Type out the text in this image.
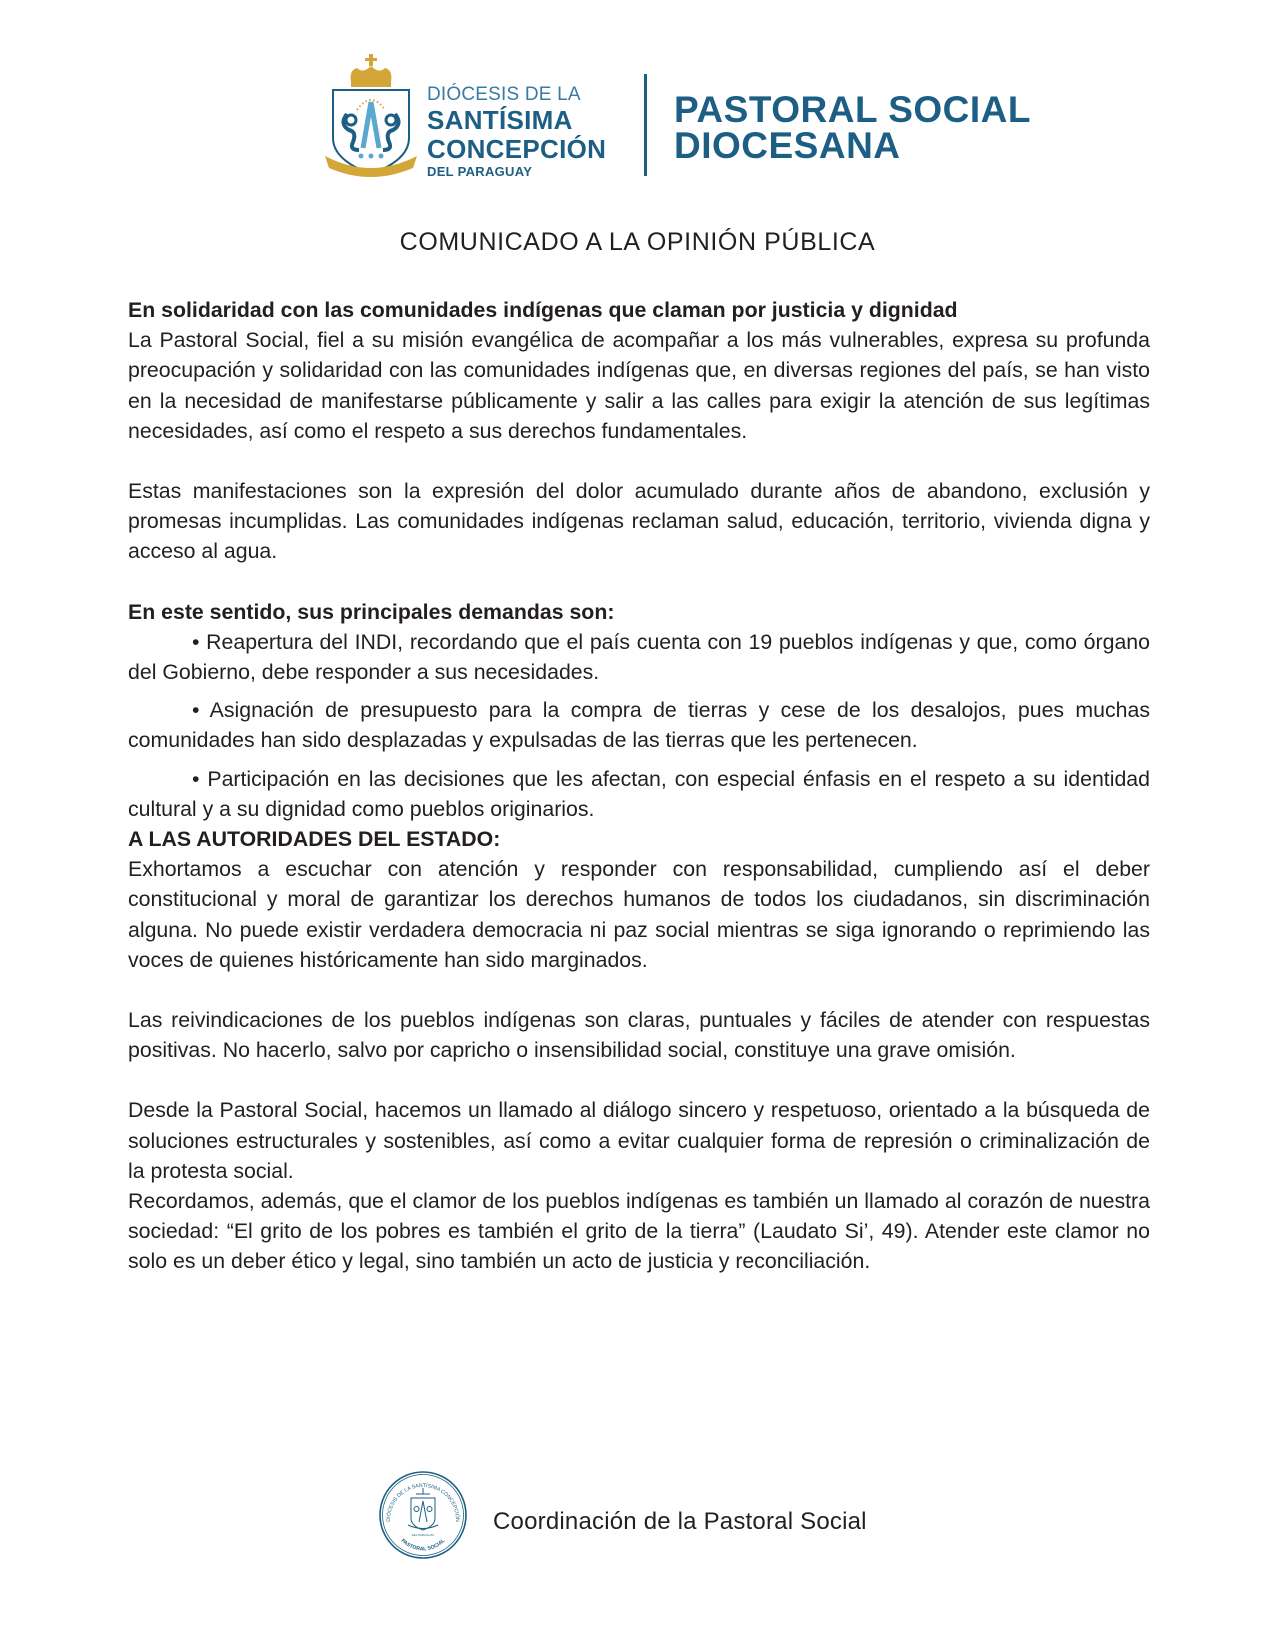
DIÓCESIS DE LA
SANTÍSIMA
CONCEPCIÓN
DEL PARAGUAY
PASTORAL SOCIAL
DIOCESANA
COMUNICADO A LA OPINIÓN PÚBLICA

En solidaridad con las comunidades indígenas que claman por justicia y dignidad

La Pastoral Social, fiel a su misión evangélica de acompañar a los más vulnerables, expresa su profunda preocupación y solidaridad con las comunidades indígenas que, en diversas regiones del país, se han visto en la necesidad de manifestarse públicamente y salir a las calles para exigir la atención de sus legítimas necesidades, así como el respeto a sus derechos fundamentales.

Estas manifestaciones son la expresión del dolor acumulado durante años de abandono, exclusión y promesas incumplidas. Las comunidades indígenas reclaman salud, educación, territorio, vivienda digna y acceso al agua.

En este sentido, sus principales demandas son:

• Reapertura del INDI, recordando que el país cuenta con 19 pueblos indígenas y que, como órgano del Gobierno, debe responder a sus necesidades.

• Asignación de presupuesto para la compra de tierras y cese de los desalojos, pues muchas comunidades han sido desplazadas y expulsadas de las tierras que les pertenecen.

• Participación en las decisiones que les afectan, con especial énfasis en el respeto a su identidad cultural y a su dignidad como pueblos originarios.

A LAS AUTORIDADES DEL ESTADO:

Exhortamos a escuchar con atención y responder con responsabilidad, cumpliendo así el deber constitucional y moral de garantizar los derechos humanos de todos los ciudadanos, sin discriminación alguna. No puede existir verdadera democracia ni paz social mientras se siga ignorando o reprimiendo las voces de quienes históricamente han sido marginados.

Las reivindicaciones de los pueblos indígenas son claras, puntuales y fáciles de atender con respuestas positivas. No hacerlo, salvo por capricho o insensibilidad social, constituye una grave omisión.

Desde la Pastoral Social, hacemos un llamado al diálogo sincero y respetuoso, orientado a la búsqueda de soluciones estructurales y sostenibles, así como a evitar cualquier forma de represión o criminalización de la protesta social.

Recordamos, además, que el clamor de los pueblos indígenas es también un llamado al corazón de nuestra sociedad: “El grito de los pobres es también el grito de la tierra” (Laudato Si’, 49). Atender este clamor no solo es un deber ético y legal, sino también un acto de justicia y reconciliación.

DIÓCESIS DE LA SANTÍSIMA CONCEPCIÓN
PASTORAL SOCIAL
DEL PARAGUAY Coordinación de la Pastoral Social
